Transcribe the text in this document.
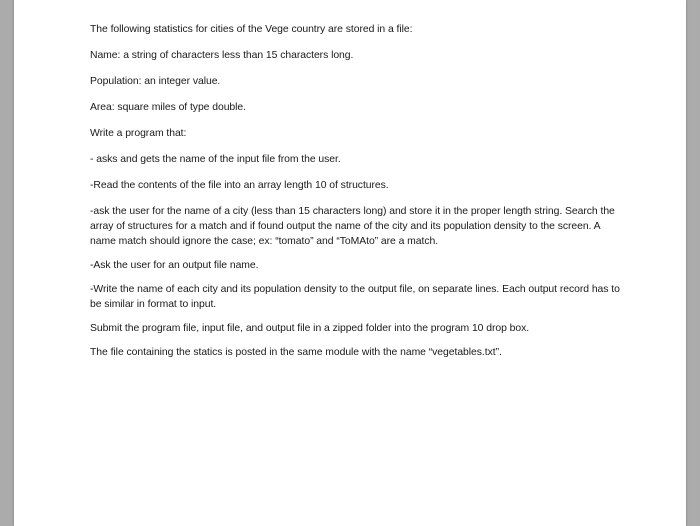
The following statistics for cities of the Vege country are stored in a file:

Name: a string of characters less than 15 characters long.

Population: an integer value.

Area: square miles of type double.

Write a program that:

- asks and gets the name of the input file from the user.

-Read the contents of the file into an array length 10 of structures.

-ask the user for the name of a city (less than 15 characters long) and store it in the proper length string. Search the array of structures for a match and if found output the name of the city and its population density to the screen. A name match should ignore the case; ex: “tomato” and “ToMAto” are a match.

-Ask the user for an output file name.

-Write the name of each city and its population density to the output file, on separate lines. Each output record has to be similar in format to input.

Submit the program file, input file, and output file in a zipped folder into the program 10 drop box.

The file containing the statics is posted in the same module with the name “vegetables.txt”.
